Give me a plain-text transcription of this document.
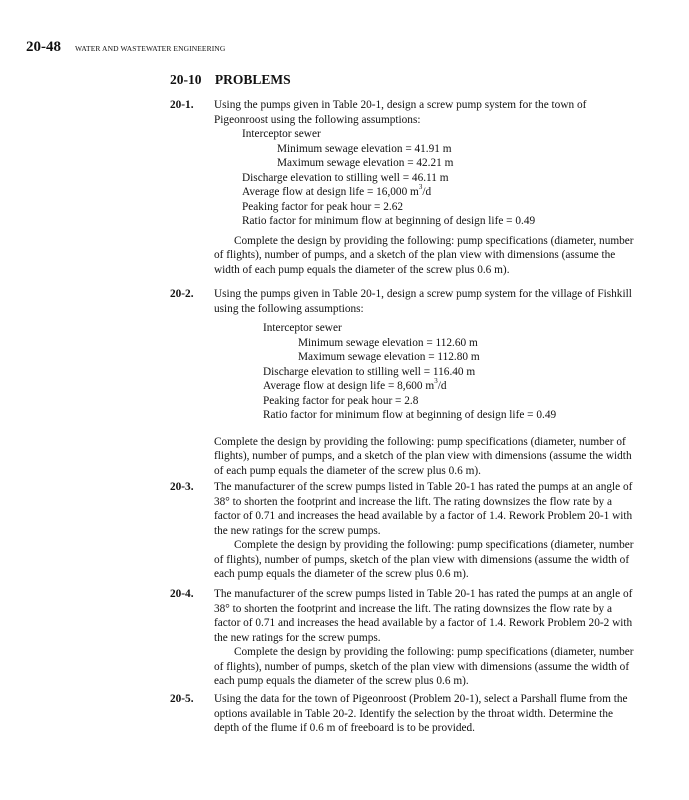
20-48 WATER AND WASTEWATER ENGINEERING
20-10 PROBLEMS
20-1. Using the pumps given in Table 20-1, design a screw pump system for the town of Pigeonroost using the following assumptions:
Interceptor sewer
Minimum sewage elevation = 41.91 m
Maximum sewage elevation = 42.21 m
Discharge elevation to stilling well = 46.11 m
Average flow at design life = 16,000 $m^3/d$
Peaking factor for peak hour = 2.62
Ratio factor for minimum flow at beginning of design life = 0.49
Complete the design by providing the following: pump specifications (diameter, number of flights), number of pumps, and a sketch of the plan view with dimensions (assume the width of each pump equals the diameter of the screw plus 0.6 m).
20-2. Using the pumps given in Table 20-1, design a screw pump system for the village of Fishkill using the following assumptions:
Interceptor sewer
Minimum sewage elevation = 112.60 m
Maximum sewage elevation = 112.80 m
Discharge elevation to stilling well = 116.40 m
Average flow at design life = 8,600 $m^3/d$
Peaking factor for peak hour = 2.8
Ratio factor for minimum flow at beginning of design life = 0.49
Complete the design by providing the following: pump specifications (diameter, number of flights), number of pumps, and a sketch of the plan view with dimensions (assume the width of each pump equals the diameter of the screw plus 0.6 m).
20-3. The manufacturer of the screw pumps listed in Table 20-1 has rated the pumps at an angle of 38° to shorten the footprint and increase the lift. The rating downsizes the flow rate by a factor of 0.71 and increases the head available by a factor of 1.4. Rework Problem 20-1 with the new ratings for the screw pumps.
Complete the design by providing the following: pump specifications (diameter, number of flights), number of pumps, sketch of the plan view with dimensions (assume the width of each pump equals the diameter of the screw plus 0.6 m).
20-4. The manufacturer of the screw pumps listed in Table 20-1 has rated the pumps at an angle of 38° to shorten the footprint and increase the lift. The rating downsizes the flow rate by a factor of 0.71 and increases the head available by a factor of 1.4. Rework Problem 20-2 with the new ratings for the screw pumps.
Complete the design by providing the following: pump specifications (diameter, number of flights), number of pumps, sketch of the plan view with dimensions (assume the width of each pump equals the diameter of the screw plus 0.6 m).
20-5. Using the data for the town of Pigeonroost (Problem 20-1), select a Parshall flume from the options available in Table 20-2. Identify the selection by the throat width. Determine the depth of the flume if 0.6 m of freeboard is to be provided.
